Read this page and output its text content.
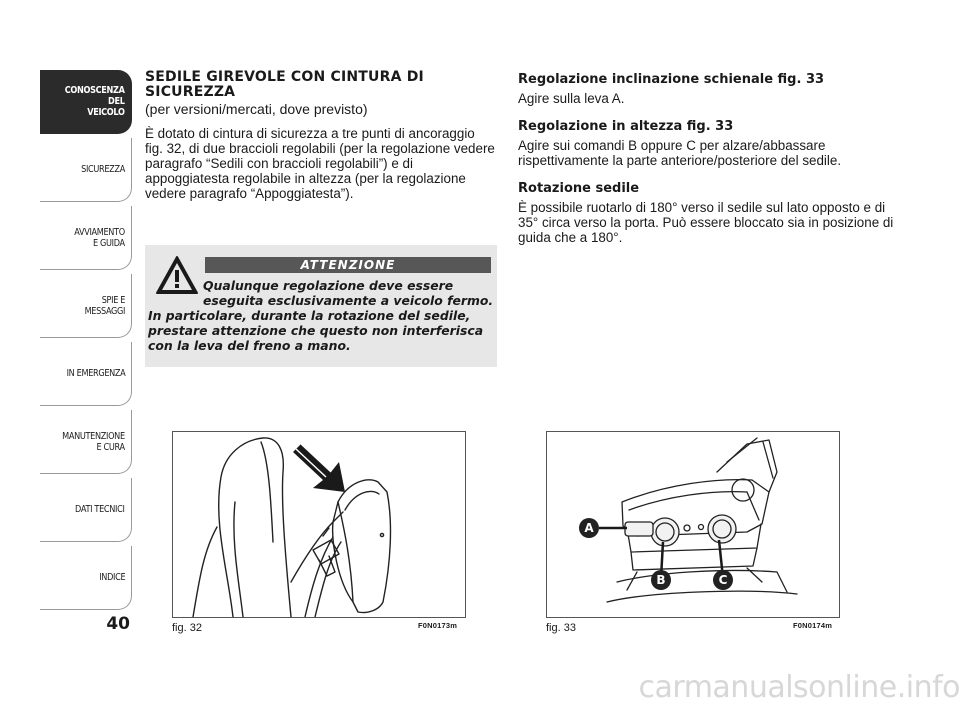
CONOSCENZA
DEL
VEICOLO
SICUREZZA
AVVIAMENTO
E GUIDA
SPIE E
MESSAGGI
IN EMERGENZA
MANUTENZIONE
E CURA
DATI TECNICI
INDICE
40
SEDILE GIREVOLE CON CINTURA DI SICUREZZA

(per versioni/mercati, dove previsto)

È dotato di cintura di sicurezza a tre punti di ancoraggio fig. 32, di due braccioli regolabili (per la regolazione vedere paragrafo “Sedili con braccioli regolabili”) e di appoggiatesta regolabile in altezza (per la regolazione vedere paragrafo “Appoggiatesta”).

ATTENZIONE
Qualunque regolazione deve essere eseguita esclusivamente a veicolo fermo.
In particolare, durante la rotazione del sedile, prestare attenzione che questo non interferisca con la leva del freno a mano.
Regolazione inclinazione schienale fig. 33

Agire sulla leva A.

Regolazione in altezza fig. 33

Agire sui comandi B oppure C per alzare/abbassare rispettivamente la parte anteriore/posteriore del sedile.

Rotazione sedile

È possibile ruotarlo di 180° verso il sedile sul lato opposto e di 35° circa verso la porta. Può essere bloccato sia in posizione di guida che a 180°.

fig. 32	F0N0173m
A
B	C
fig. 33	F0N0174m
carmanualsonline.info
